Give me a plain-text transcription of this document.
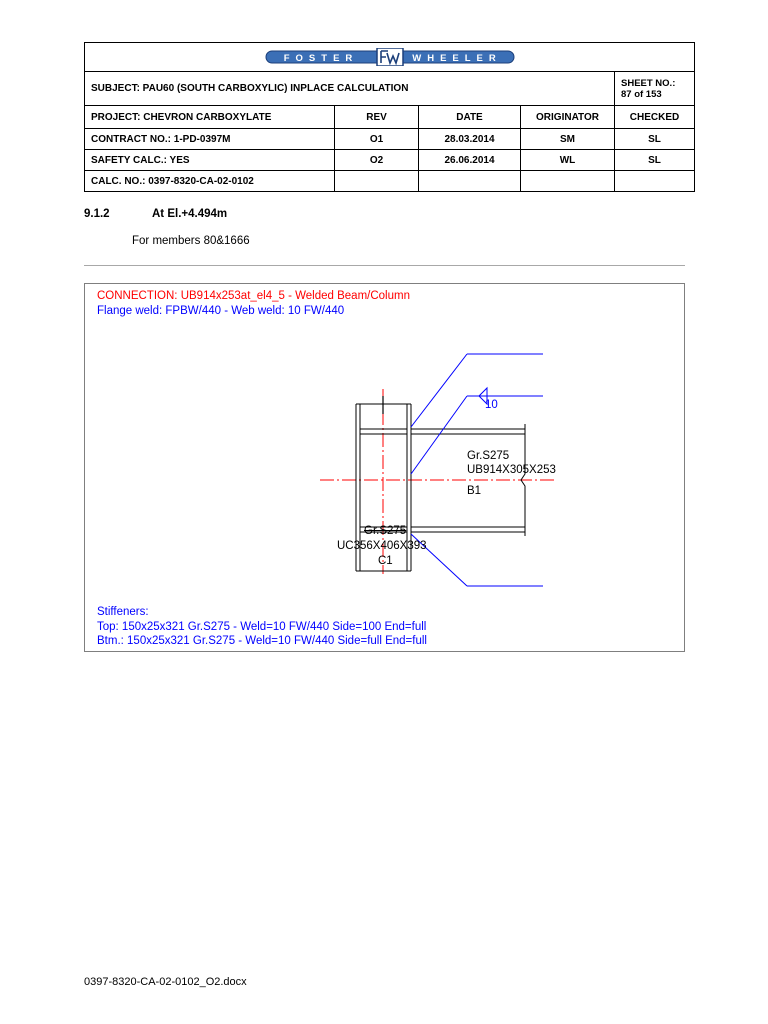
FOSTER WHEELER				

SUBJECT: PAU60 (SOUTH CARBOXYLIC) INPLACE CALCULATION				SHEET NO.: 87 of 153
PROJECT: CHEVRON CARBOXYLATE	REV	DATE	ORIGINATOR	CHECKED
CONTRACT NO.: 1-PD-0397M	O1	28.03.2014	SM	SL
SAFETY CALC.: YES	O2	26.06.2014	WL	SL
CALC. NO.: 0397-8320-CA-02-0102				
9.1.2	At El.+4.494m
For members 80&1666
CONNECTION: UB914x253at_el4_5 - Welded Beam/Column
Flange weld: FPBW/440 - Web weld: 10 FW/440
10
Gr.S275
UB914X305X253
B1
Gr.S275
UC356X406X393
C1
Stiffeners:
Top: 150x25x321 Gr.S275 - Weld=10 FW/440 Side=100 End=full
Btm.: 150x25x321 Gr.S275 - Weld=10 FW/440 Side=full End=full
0397-8320-CA-02-0102_O2.docx
